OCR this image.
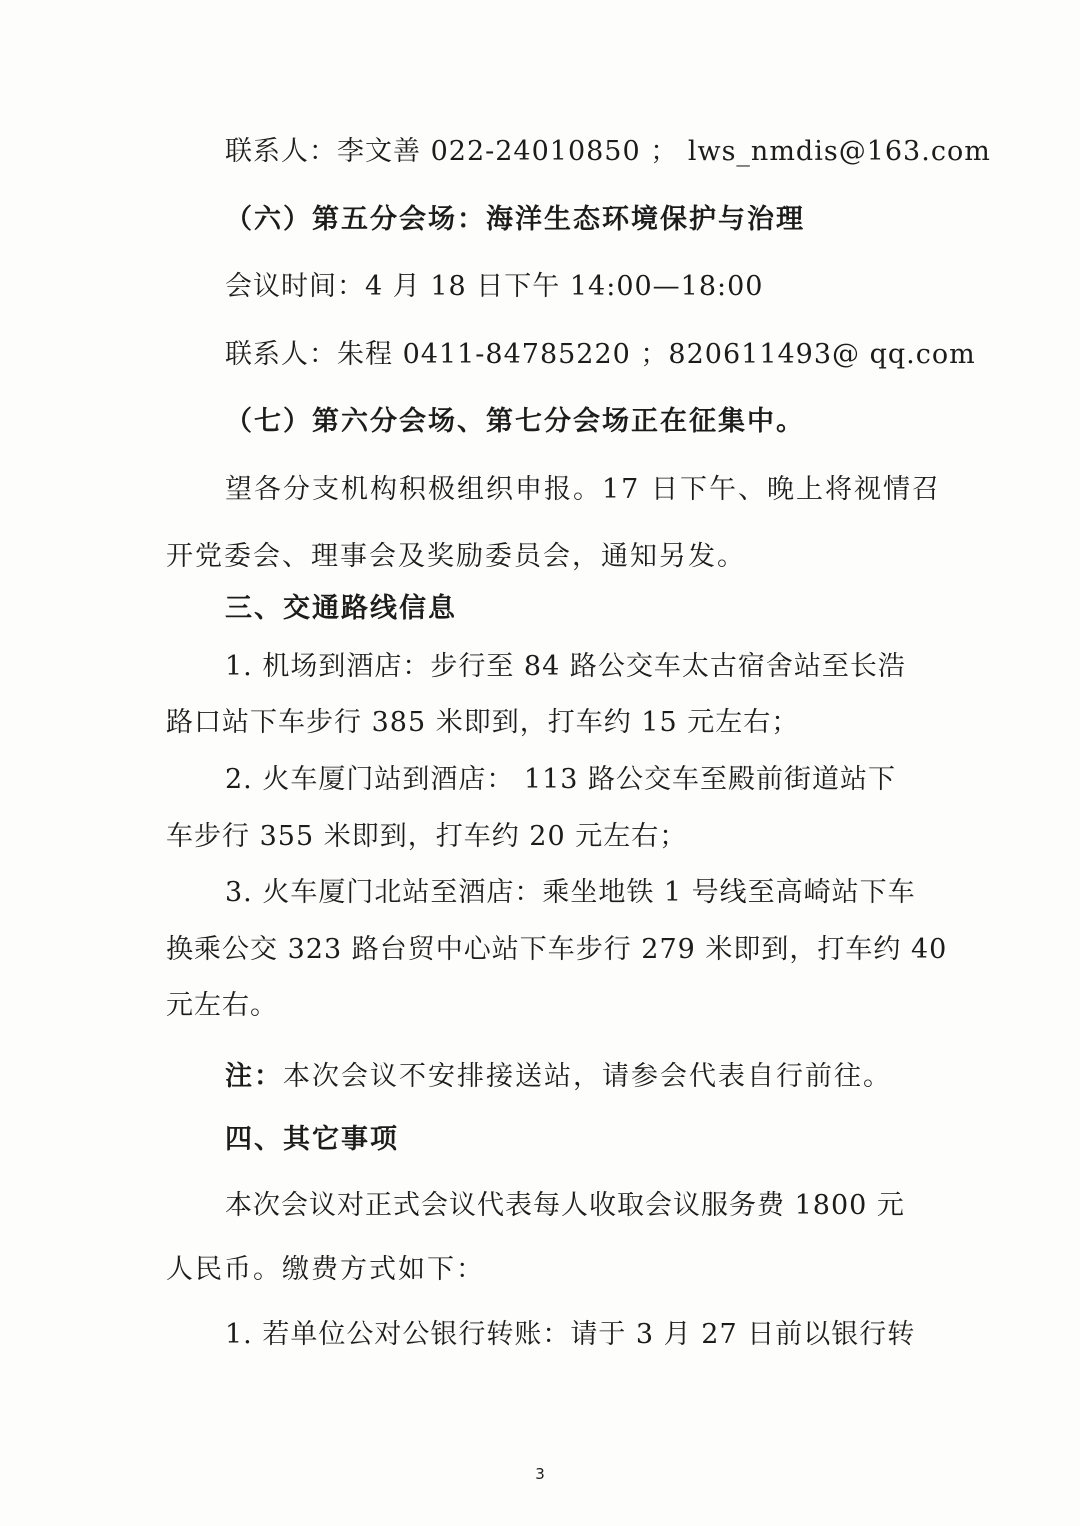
联系人：李文善 022-24010850 ； lws_nmdis@163.com
（六）第五分会场：海洋生态环境保护与治理
会议时间：4 月 18 日下午 14:00—18:00
联系人：朱程 0411-84785220 ；820611493@ qq.com
（七）第六分会场、第七分会场正在征集中。
望各分支机构积极组织申报。17 日下午、晚上将视情召
开党委会、理事会及奖励委员会，通知另发。
三、交通路线信息
1. 机场到酒店：步行至 84 路公交车太古宿舍站至长浩
路口站下车步行 385 米即到，打车约 15 元左右；
2. 火车厦门站到酒店： 113 路公交车至殿前街道站下
车步行 355 米即到，打车约 20 元左右；
3. 火车厦门北站至酒店：乘坐地铁 1 号线至高崎站下车
换乘公交 323 路台贸中心站下车步行 279 米即到，打车约 40
元左右。
注：本次会议不安排接送站，请参会代表自行前往。
四、其它事项
本次会议对正式会议代表每人收取会议服务费 1800 元
人民币。缴费方式如下：
1. 若单位公对公银行转账：请于 3 月 27 日前以银行转
3
